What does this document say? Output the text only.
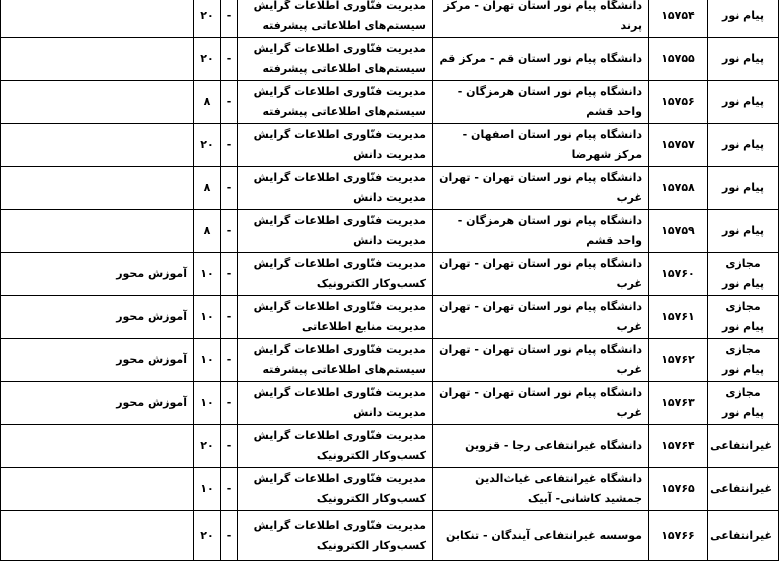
پیام نور	۱۵۷۵۴	دانشگاه پیام نور استان تهران - مرکز پرند	مدیریت فنّاوری اطلاعات گرایش سیستم‌های اطلاعاتی پیشرفته	-	۲۰	
پیام نور	۱۵۷۵۵	دانشگاه پیام نور استان قم - مرکز قم	مدیریت فنّاوری اطلاعات گرایش سیستم‌های اطلاعاتی پیشرفته	-	۲۰	
پیام نور	۱۵۷۵۶	دانشگاه پیام نور استان هرمزگان - واحد قشم	مدیریت فنّاوری اطلاعات گرایش سیستم‌های اطلاعاتی پیشرفته	-	۸	
پیام نور	۱۵۷۵۷	دانشگاه پیام نور استان اصفهان - مرکز شهرضا	مدیریت فنّاوری اطلاعات گرایش مدیریت دانش	-	۲۰	
پیام نور	۱۵۷۵۸	دانشگاه پیام نور استان تهران - تهران غرب	مدیریت فنّاوری اطلاعات گرایش مدیریت دانش	-	۸	
پیام نور	۱۵۷۵۹	دانشگاه پیام نور استان هرمزگان - واحد قشم	مدیریت فنّاوری اطلاعات گرایش مدیریت دانش	-	۸	
مجازی پیام نور	۱۵۷۶۰	دانشگاه پیام نور استان تهران - تهران غرب	مدیریت فنّاوری اطلاعات گرایش کسب‌وکار الکترونیک	-	۱۰	آموزش محور
مجازی پیام نور	۱۵۷۶۱	دانشگاه پیام نور استان تهران - تهران غرب	مدیریت فنّاوری اطلاعات گرایش مدیریت منابع اطلاعاتی	-	۱۰	آموزش محور
مجازی پیام نور	۱۵۷۶۲	دانشگاه پیام نور استان تهران - تهران غرب	مدیریت فنّاوری اطلاعات گرایش سیستم‌های اطلاعاتی پیشرفته	-	۱۰	آموزش محور
مجازی پیام نور	۱۵۷۶۳	دانشگاه پیام نور استان تهران - تهران غرب	مدیریت فنّاوری اطلاعات گرایش مدیریت دانش	-	۱۰	آموزش محور
غیرانتفاعی	۱۵۷۶۴	دانشگاه غیرانتفاعی رجا - قزوین	مدیریت فنّاوری اطلاعات گرایش کسب‌وکار الکترونیک	-	۲۰	
غیرانتفاعی	۱۵۷۶۵	دانشگاه غیرانتفاعی غیاث‌الدین جمشید کاشانی- آبیک	مدیریت فنّاوری اطلاعات گرایش کسب‌وکار الکترونیک	-	۱۰	
غیرانتفاعی	۱۵۷۶۶	موسسه غیرانتفاعی آیندگان - تنکابن	مدیریت فنّاوری اطلاعات گرایش کسب‌وکار الکترونیک	-	۲۰	
